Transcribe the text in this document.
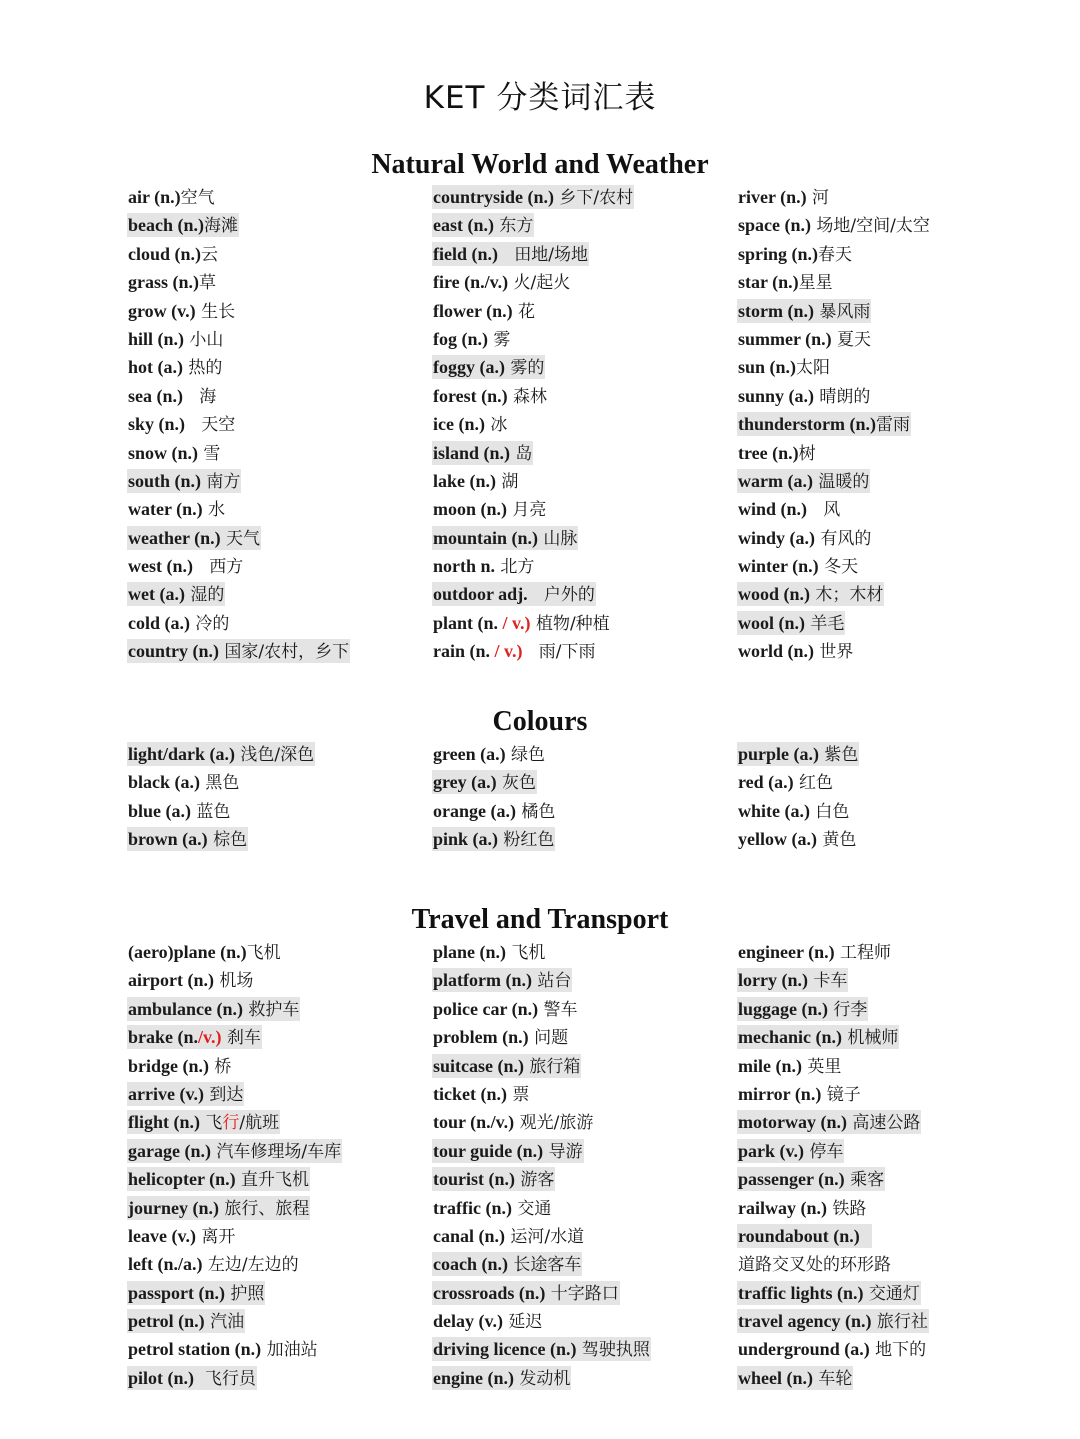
KET 分类词汇表
Natural World and Weather
air (n.)空气
beach (n.)海滩
cloud (n.)云
grass (n.)草
grow (v.) 生长
hill (n.) 小山
hot (a.) 热的
sea (n.)   海
sky (n.)   天空
snow (n.) 雪
south (n.) 南方
water (n.) 水
weather (n.) 天气
west (n.)   西方
wet (a.) 湿的
cold (a.) 冷的
country (n.) 国家/农村，乡下
countryside (n.) 乡下/农村
east (n.) 东方
field (n.)   田地/场地
fire (n./v.) 火/起火
flower (n.) 花
fog (n.) 雾
foggy (a.) 雾的
forest (n.) 森林
ice (n.) 冰
island (n.) 岛
lake (n.) 湖
moon (n.) 月亮
mountain (n.) 山脉
north n. 北方
outdoor adj.   户外的
plant (n. / v.) 植物/种植
rain (n. / v.)   雨/下雨
river (n.) 河
space (n.) 场地/空间/太空
spring (n.)春天
star (n.)星星
storm (n.) 暴风雨
summer (n.) 夏天
sun (n.)太阳
sunny (a.) 晴朗的
thunderstorm (n.)雷雨
tree (n.)树
warm (a.) 温暖的
wind (n.)   风
windy (a.) 有风的
winter (n.) 冬天
wood (n.) 木；木材
wool (n.) 羊毛
world (n.) 世界
Colours
light/dark (a.) 浅色/深色
black (a.) 黑色
blue (a.) 蓝色
brown (a.) 棕色
green (a.) 绿色
grey (a.) 灰色
orange (a.) 橘色
pink (a.) 粉红色
purple (a.) 紫色
red (a.) 红色
white (a.) 白色
yellow (a.) 黄色
Travel and Transport
(aero)plane (n.)飞机
airport (n.) 机场
ambulance (n.) 救护车
brake (n./v.) 刹车
bridge (n.) 桥
arrive (v.) 到达
flight (n.) 飞行/航班
garage (n.) 汽车修理场/车库
helicopter (n.) 直升飞机
journey (n.) 旅行、旅程
leave (v.) 离开
left (n./a.) 左边/左边的
passport (n.) 护照
petrol (n.) 汽油
petrol station (n.) 加油站
pilot (n.)  飞行员
plane (n.) 飞机
platform (n.) 站台
police car (n.) 警车
problem (n.) 问题
suitcase (n.) 旅行箱
ticket (n.) 票
tour (n./v.) 观光/旅游
tour guide (n.) 导游
tourist (n.) 游客
traffic (n.) 交通
canal (n.) 运河/水道
coach (n.) 长途客车
crossroads (n.) 十字路口
delay (v.) 延迟
driving licence (n.) 驾驶执照
engine (n.) 发动机
engineer (n.) 工程师
lorry (n.) 卡车
luggage (n.) 行李
mechanic (n.) 机械师
mile (n.) 英里
mirror (n.) 镜子
motorway (n.) 高速公路
park (v.) 停车
passenger (n.) 乘客
railway (n.) 铁路
roundabout (n.)
道路交叉处的环形路
traffic lights (n.) 交通灯
travel agency (n.) 旅行社
underground (a.) 地下的
wheel (n.) 车轮
